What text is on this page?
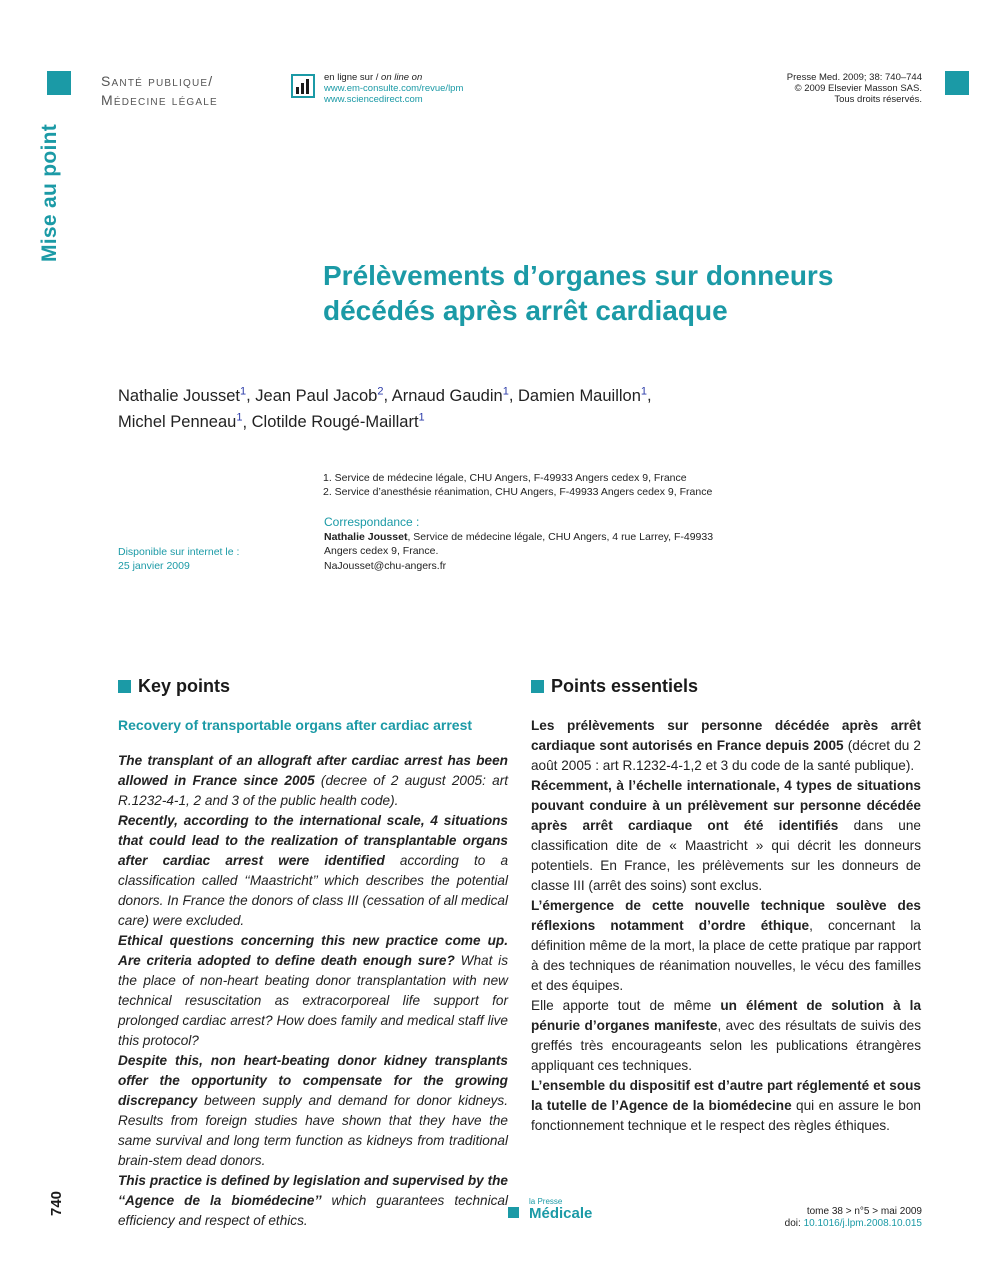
Mise au point
Santé publique/
Médecine légale
en ligne sur / on line on
www.em-consulte.com/revue/lpm
www.sciencedirect.com
Presse Med. 2009; 38: 740–744
© 2009 Elsevier Masson SAS.
Tous droits réservés.
Prélèvements d’organes sur donneurs
décédés après arrêt cardiaque
Nathalie Jousset$^1$, Jean Paul Jacob$^2$, Arnaud Gaudin$^1$, Damien Mauillon$^1$,
Michel Penneau$^1$, Clotilde Rougé-Maillart$^1$
1. Service de médecine légale, CHU Angers, F-49933 Angers cedex 9, France
2. Service d’anesthésie réanimation, CHU Angers, F-49933 Angers cedex 9, France
Correspondance :
Nathalie Jousset, Service de médecine légale, CHU Angers, 4 rue Larrey, F-49933
Angers cedex 9, France.
NaJousset@chu-angers.fr
Disponible sur internet le :
25 janvier 2009
Key points
Recovery of transportable organs after cardiac arrest

The transplant of an allograft after cardiac arrest has been allowed in France since 2005 (decree of 2 august 2005: art R.1232-4-1, 2 and 3 of the public health code).

Recently, according to the international scale, 4 situations that could lead to the realization of transplantable organs after cardiac arrest were identified according to a classification called ‘‘Maastricht’’ which describes the potential donors. In France the donors of class III (cessation of all medical care) were excluded.

Ethical questions concerning this new practice come up. Are criteria adopted to define death enough sure? What is the place of non-heart beating donor transplantation with new technical resuscitation as extracorporeal life support for prolonged cardiac arrest? How does family and medical staff live this protocol?

Despite this, non heart-beating donor kidney transplants offer the opportunity to compensate for the growing discrepancy between supply and demand for donor kidneys. Results from foreign studies have shown that they have the same survival and long term function as kidneys from traditional brain-stem dead donors.

This practice is defined by legislation and supervised by the ‘‘Agence de la biomédecine’’ which guarantees technical efficiency and respect of ethics.

Points essentiels

Les prélèvements sur personne décédée après arrêt cardiaque sont autorisés en France depuis 2005 (décret du 2 août 2005 : art R.1232-4-1,2 et 3 du code de la santé publique).

Récemment, à l’échelle internationale, 4 types de situations pouvant conduire à un prélèvement sur personne décédée après arrêt cardiaque ont été identifiés dans une classification dite de « Maastricht » qui décrit les donneurs potentiels. En France, les prélèvements sur les donneurs de classe III (arrêt des soins) sont exclus.

L’émergence de cette nouvelle technique soulève des réflexions notamment d’ordre éthique, concernant la définition même de la mort, la place de cette pratique par rapport à des techniques de réanimation nouvelles, le vécu des familles et des équipes.

Elle apporte tout de même un élément de solution à la pénurie d’organes manifeste, avec des résultats de suivis des greffés très encourageants selon les publications étrangères appliquant ces techniques.

L’ensemble du dispositif est d’autre part réglementé et sous la tutelle de l’Agence de la biomédecine qui en assure le bon fonctionnement technique et le respect des règles éthiques.

740	la Presse
Médicale	tome 38 > n°5 > mai 2009
doi: 10.1016/j.lpm.2008.10.015
